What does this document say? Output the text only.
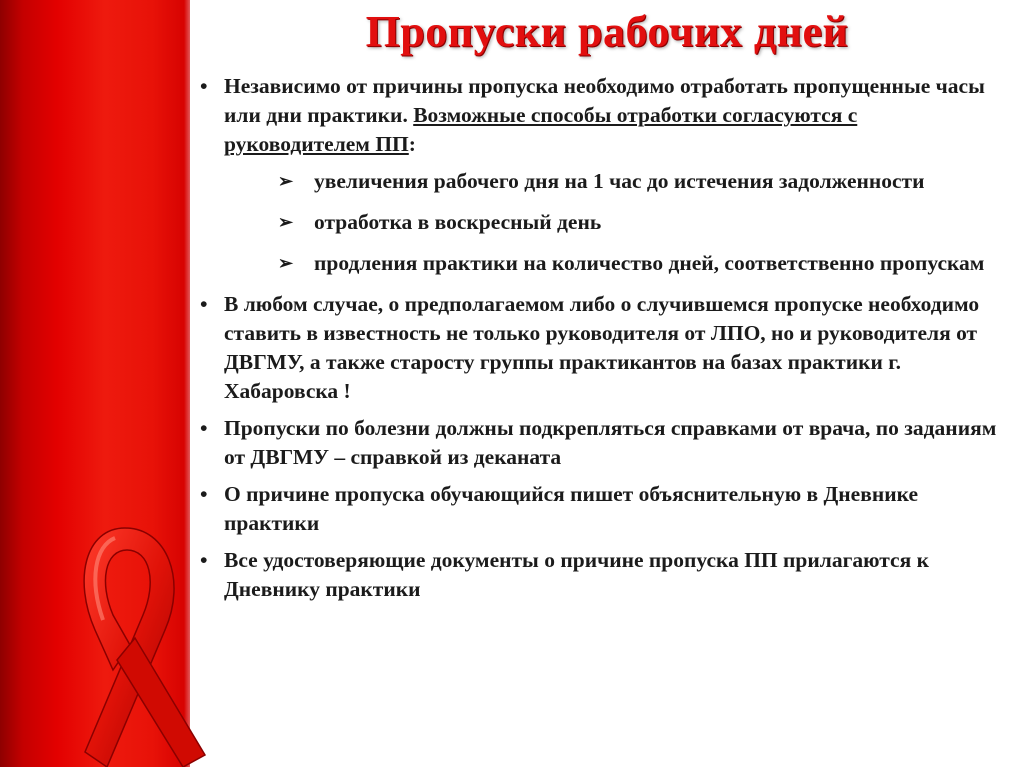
Пропуски рабочих дней
• Независимо от причины пропуска необходимо отработать пропущенные часы или дни практики. Возможные способы отработки согласуются с руководителем ПП:
➢ увеличения рабочего дня на 1 час до истечения задолженности
➢ отработка в воскресный день
➢ продления практики на количество дней, соответственно пропускам
• В любом случае, о предполагаемом либо о случившемся пропуске необходимо ставить в известность не только руководителя от ЛПО, но и руководителя от ДВГМУ, а также старосту группы практикантов на базах практики г. Хабаровска !
• Пропуски по болезни должны подкрепляться справками от врача, по заданиям от ДВГМУ – справкой из деканата
• О причине пропуска обучающийся пишет объяснительную в Дневнике практики
• Все удостоверяющие документы о причине пропуска ПП прилагаются к Дневнику практики
